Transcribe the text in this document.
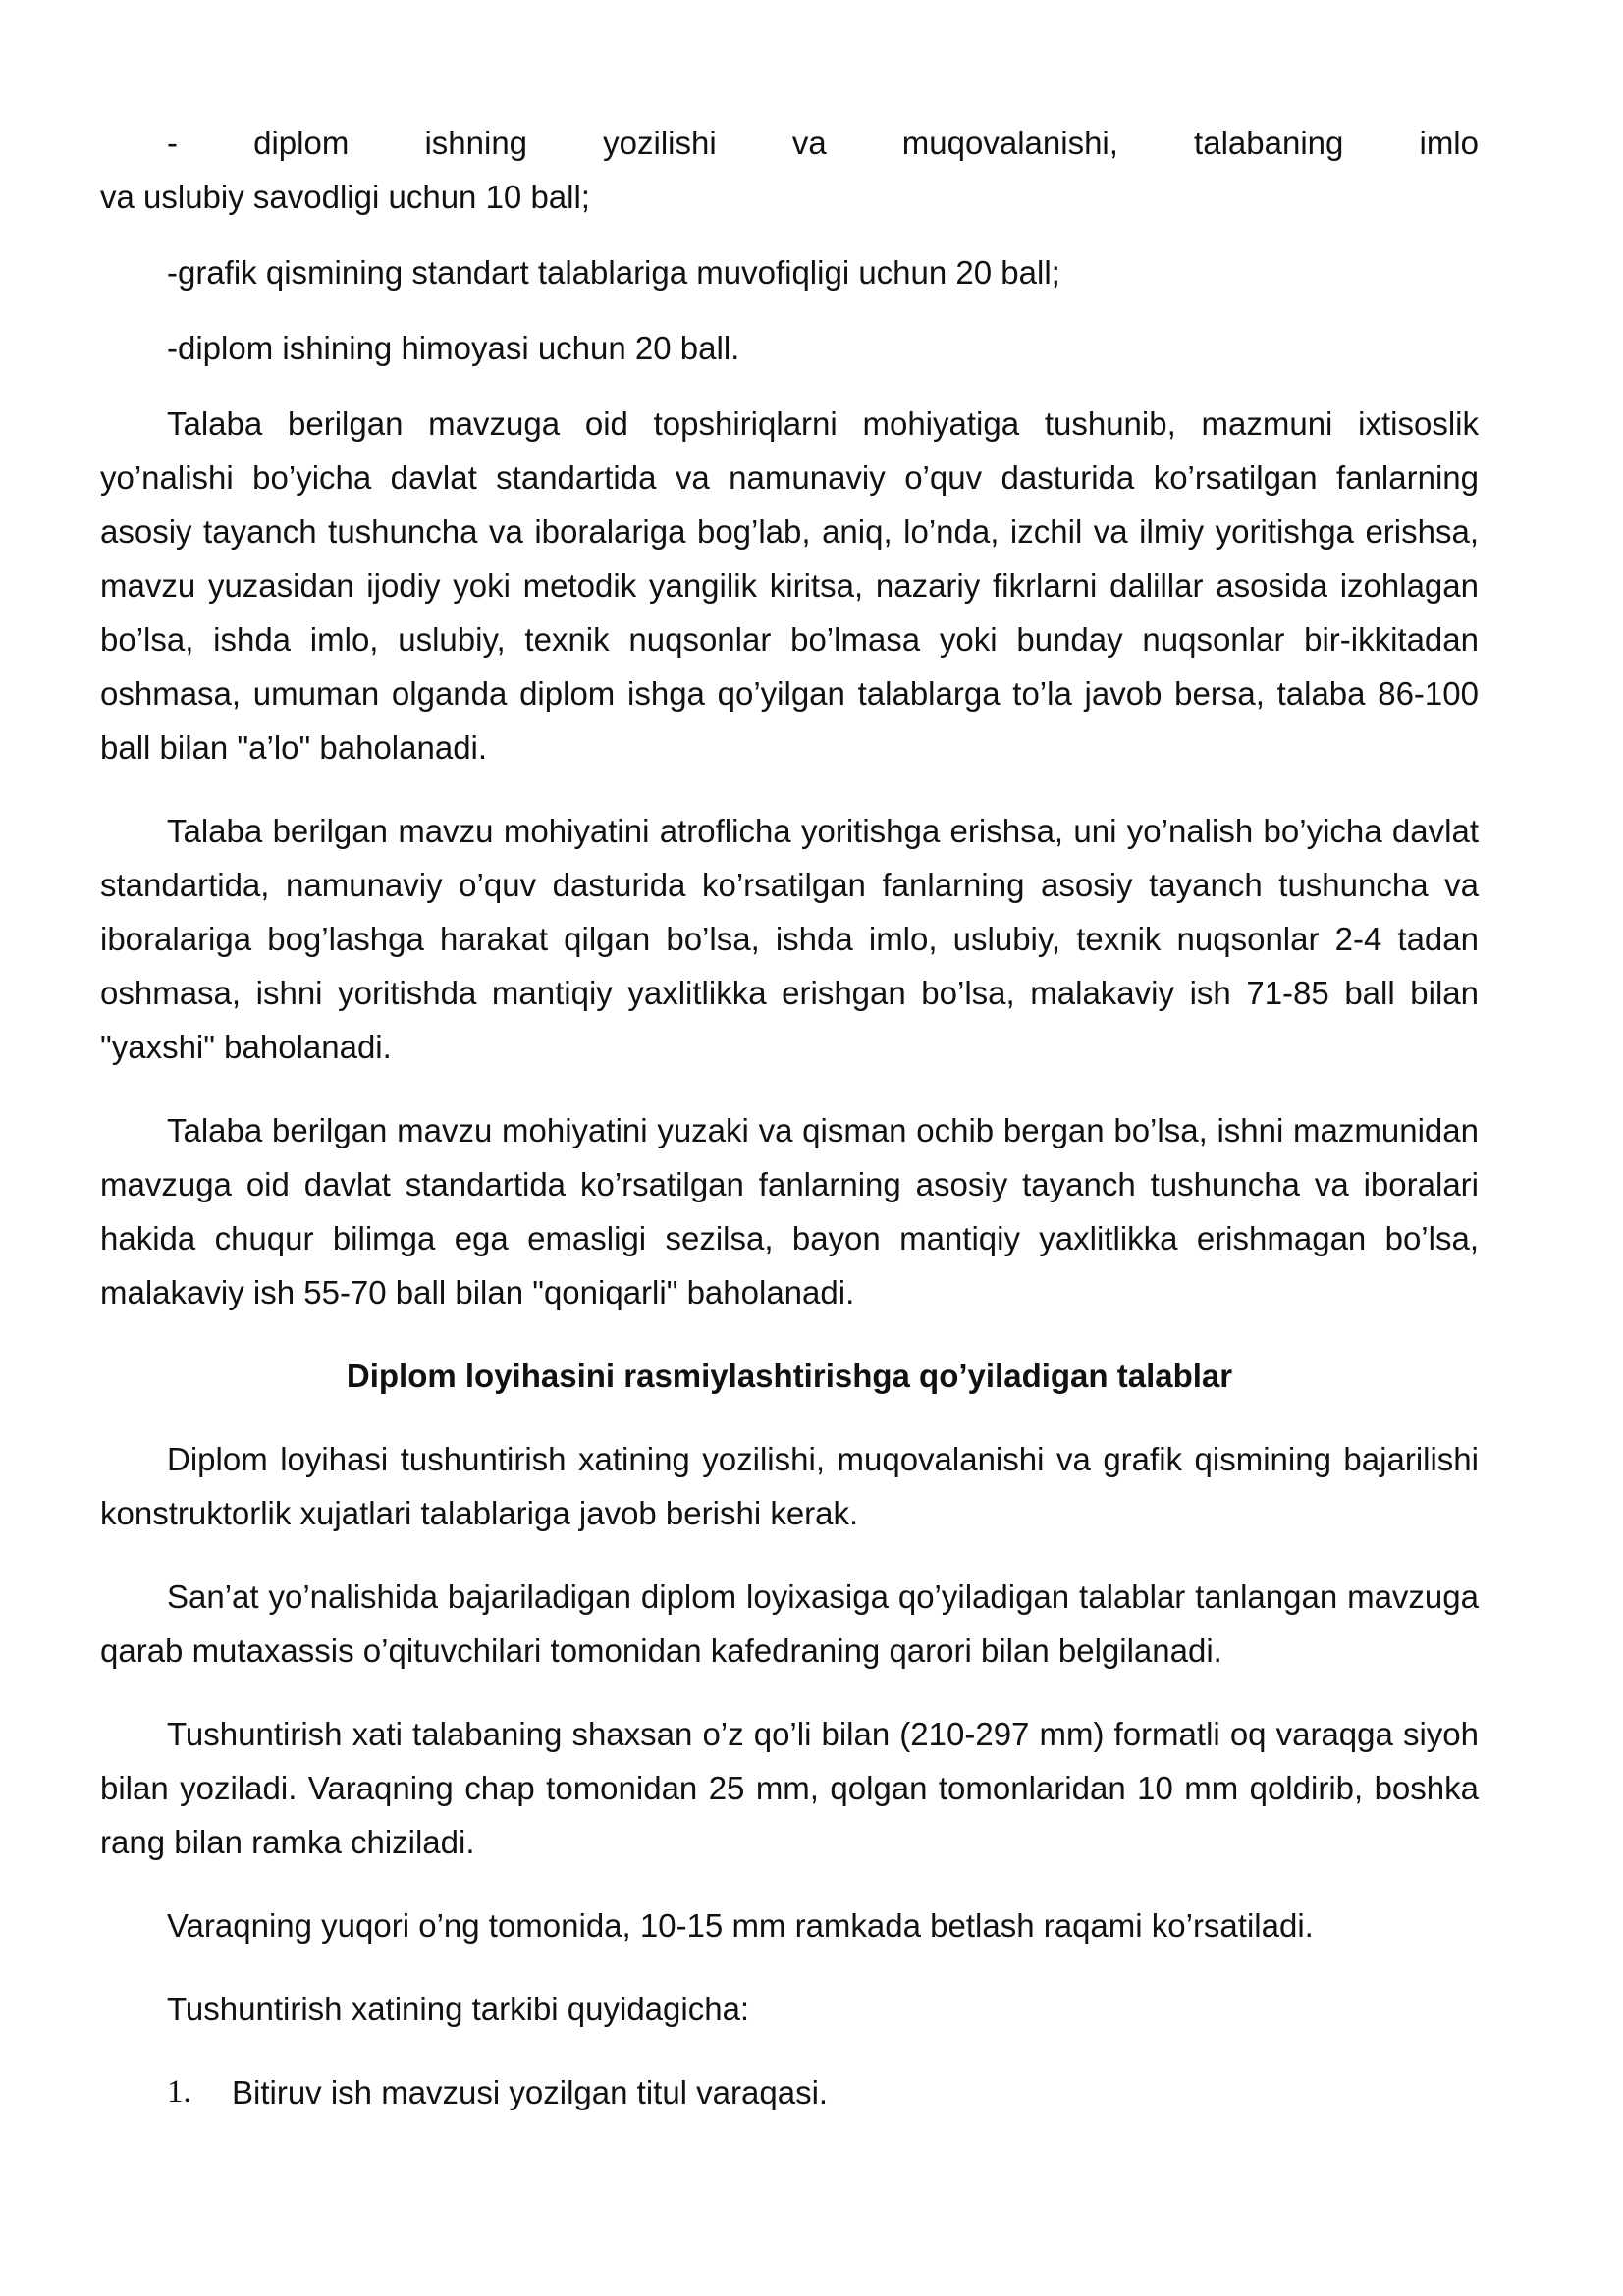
- diplom ishning yozilishi va muqovalanishi, talabaning imlo

va uslubiy savodligi uchun 10 ball;

-grafik qismining standart talablariga muvofiqligi uchun 20 ball;

-diplom ishining himoyasi uchun 20 ball.

Talaba berilgan mavzuga oid topshiriqlarni mohiyatiga tushunib, mazmuni ixtisoslik yo’nalishi bo’yicha davlat standartida va namunaviy o’quv dasturida ko’rsatilgan fanlarning asosiy tayanch tushuncha va iboralariga bog’lab, aniq, lo’nda, izchil va ilmiy yoritishga erishsa, mavzu yuzasidan ijodiy yoki metodik yangilik kiritsa, nazariy fikrlarni dalillar asosida izohlagan bo’lsa, ishda imlo, uslubiy, texnik nuqsonlar bo’lmasa yoki bunday nuqsonlar bir-ikkitadan oshmasa, umuman olganda diplom ishga qo’yilgan talablarga to’la javob bersa, talaba 86-100 ball bilan "a’lo" baholanadi.

Talaba berilgan mavzu mohiyatini atroflicha yoritishga erishsa, uni yo’nalish bo’yicha davlat standartida, namunaviy o’quv dasturida ko’rsatilgan fanlarning asosiy tayanch tushuncha va iboralariga bog’lashga harakat qilgan bo’lsa, ishda imlo, uslubiy, texnik nuqsonlar 2-4 tadan oshmasa, ishni yoritishda mantiqiy yaxlitlikka erishgan bo’lsa, malakaviy ish 71-85 ball bilan "yaxshi" baholanadi.

Talaba berilgan mavzu mohiyatini yuzaki va qisman ochib bergan bo’lsa, ishni mazmunidan mavzuga oid davlat standartida ko’rsatilgan fanlarning asosiy tayanch tushuncha va iboralari hakida chuqur bilimga ega emasligi sezilsa, bayon mantiqiy yaxlitlikka erishmagan bo’lsa, malakaviy ish 55-70 ball bilan "qoniqarli" baholanadi.

Diplom loyihasini rasmiylashtirishga qo’yiladigan talablar

Diplom loyihasi tushuntirish xatining yozilishi, muqovalanishi va grafik qismining bajarilishi konstruktorlik xujatlari talablariga javob berishi kerak.

San’at yo’nalishida bajariladigan diplom loyixasiga qo’yiladigan talablar tanlangan mavzuga qarab mutaxassis o’qituvchilari tomonidan kafedraning qarori bilan belgilanadi.

Tushuntirish xati talabaning shaxsan o’z qo’li bilan (210-297 mm) formatli oq varaqga siyoh bilan yoziladi. Varaqning chap tomonidan 25 mm, qolgan tomonlaridan 10 mm qoldirib, boshka rang bilan ramka chiziladi.

Varaqning yuqori o’ng tomonida, 10-15 mm ramkada betlash raqami ko’rsatiladi.

Tushuntirish xatining tarkibi quyidagicha:

1.	Bitiruv ish mavzusi yozilgan titul varaqasi.
